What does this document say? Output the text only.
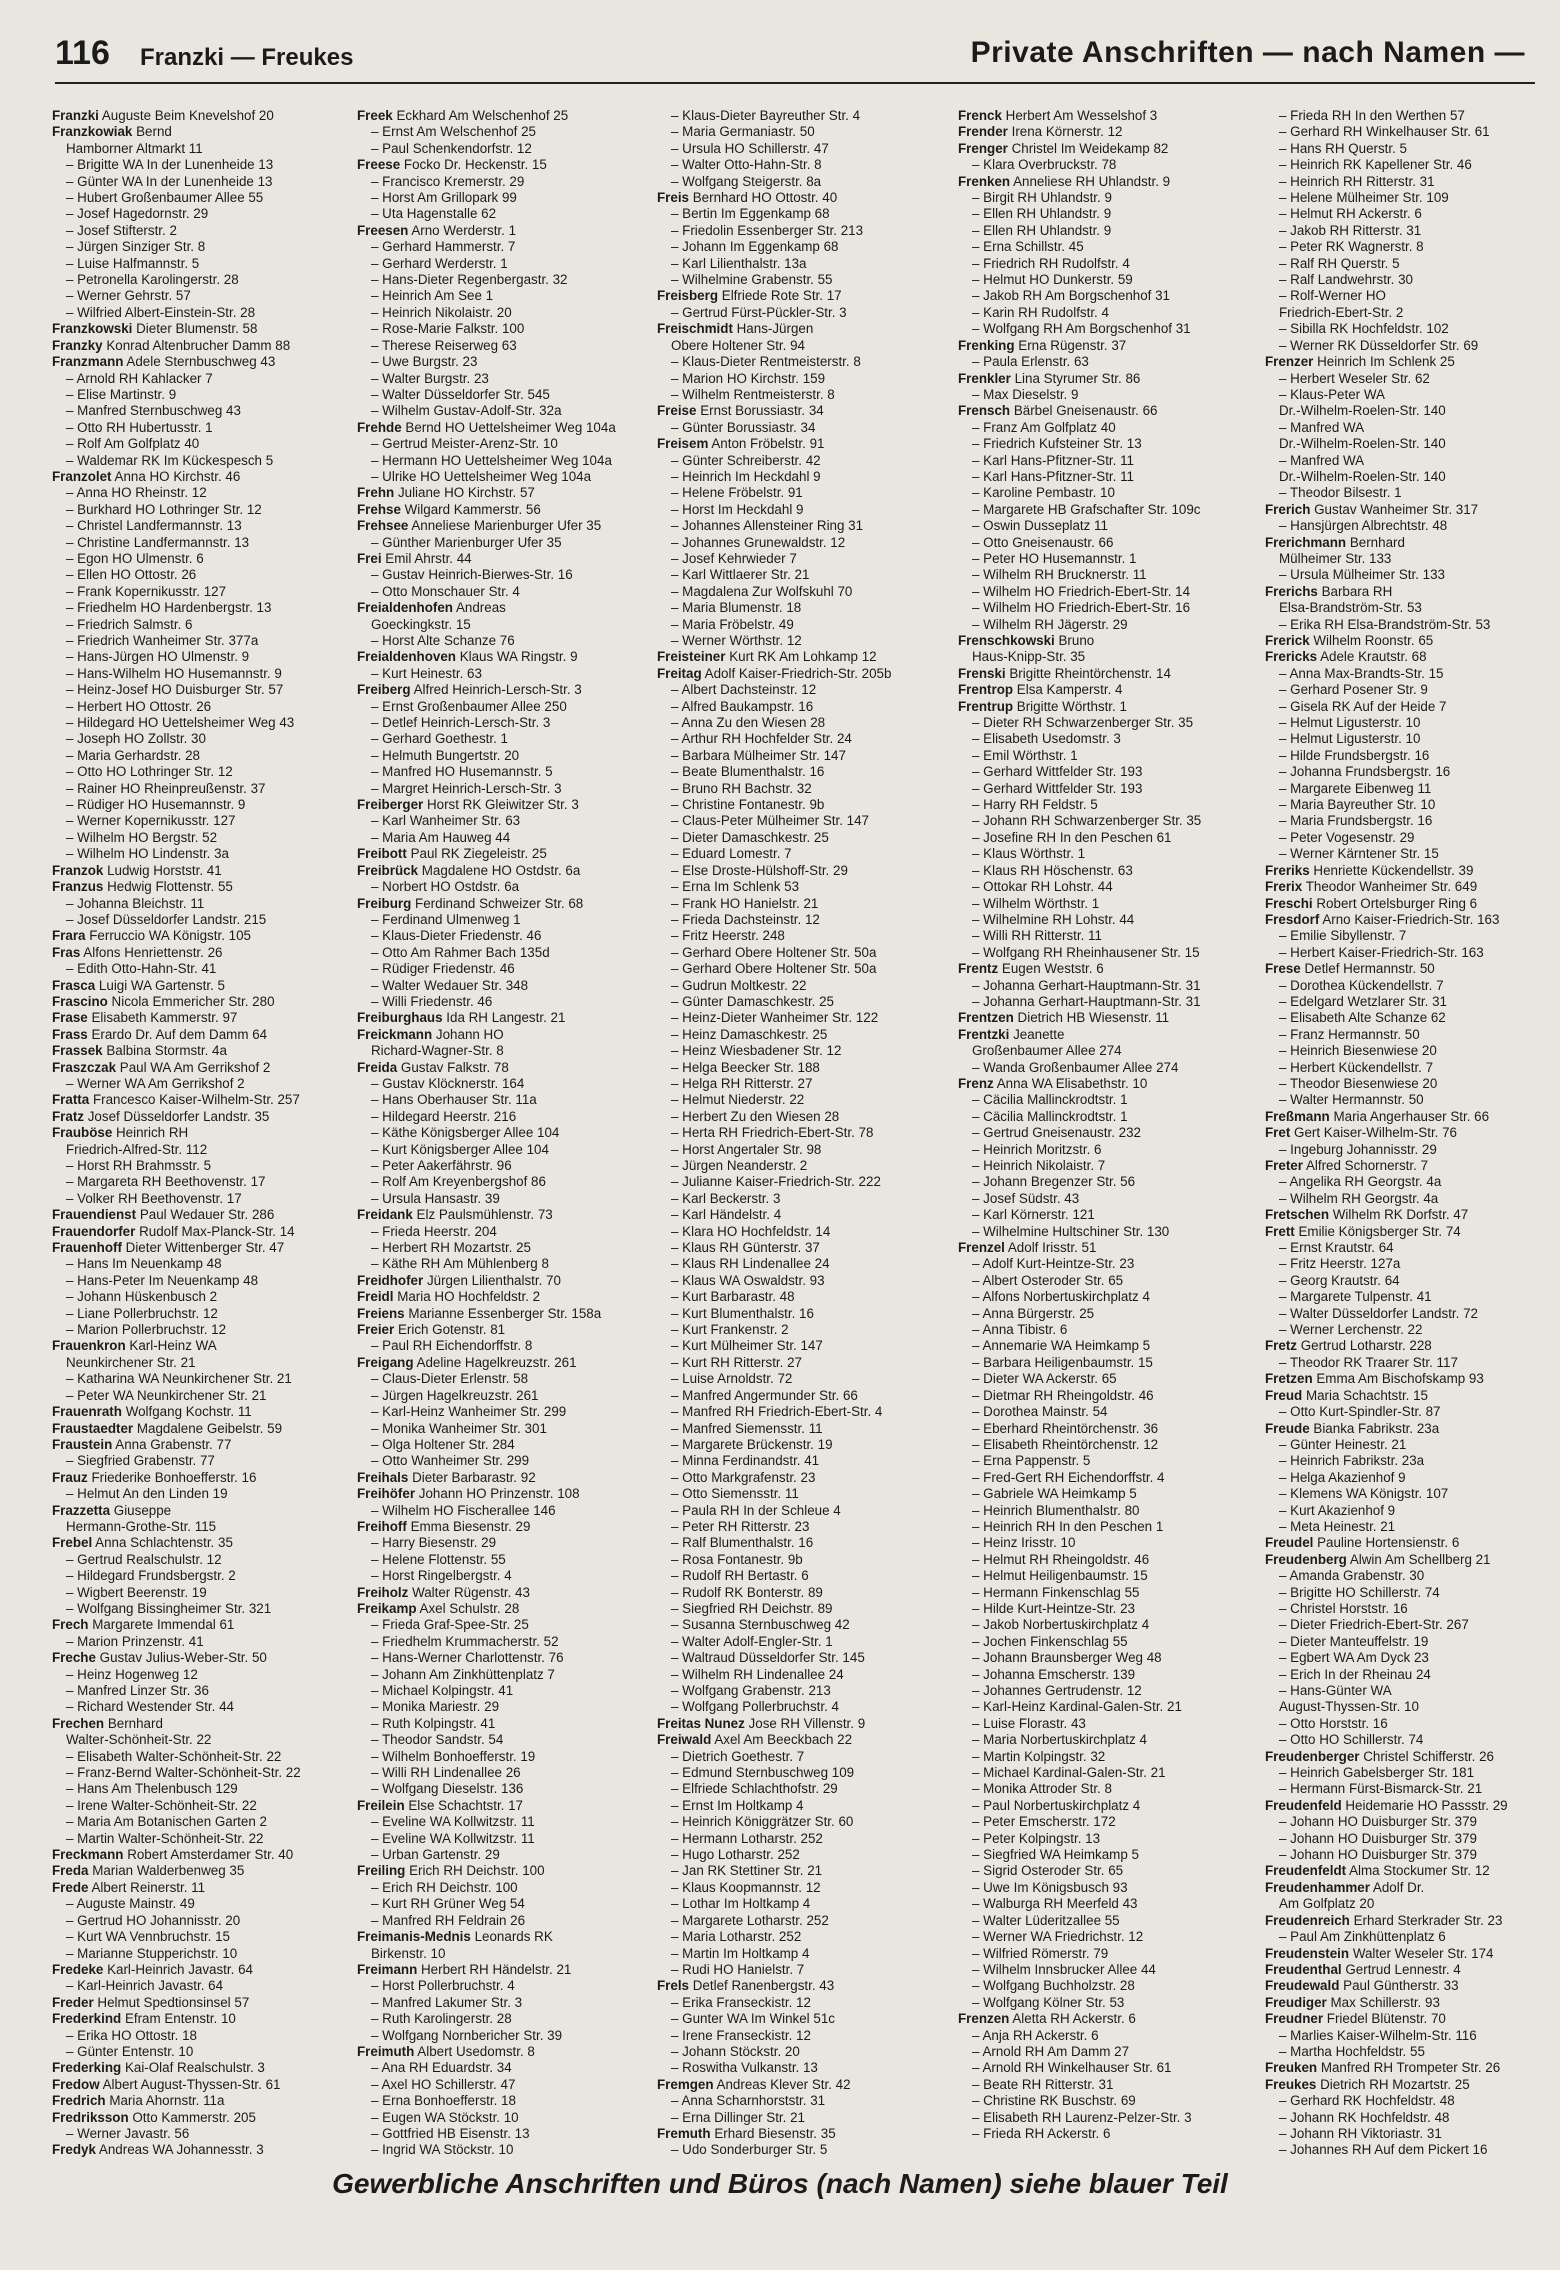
116 Franzki — Freukes	Private Anschriften — nach Namen —
Franzki Auguste Beim Knevelshof 20
Franzkowiak Bernd
Hamborner Altmarkt 11
– Brigitte WA In der Lunenheide 13
– Günter WA In der Lunenheide 13
– Hubert Großenbaumer Allee 55
– Josef Hagedornstr. 29
– Josef Stifterstr. 2
– Jürgen Sinziger Str. 8
– Luise Halfmannstr. 5
– Petronella Karolingerstr. 28
– Werner Gehrstr. 57
– Wilfried Albert-Einstein-Str. 28
Franzkowski Dieter Blumenstr. 58
Franzky Konrad Altenbrucher Damm 88
Franzmann Adele Sternbuschweg 43
– Arnold RH Kahlacker 7
– Elise Martinstr. 9
– Manfred Sternbuschweg 43
– Otto RH Hubertusstr. 1
– Rolf Am Golfplatz 40
– Waldemar RK Im Kückespesch 5
Franzolet Anna HO Kirchstr. 46
– Anna HO Rheinstr. 12
– Burkhard HO Lothringer Str. 12
– Christel Landfermannstr. 13
– Christine Landfermannstr. 13
– Egon HO Ulmenstr. 6
– Ellen HO Ottostr. 26
– Frank Kopernikusstr. 127
– Friedhelm HO Hardenbergstr. 13
– Friedrich Salmstr. 6
– Friedrich Wanheimer Str. 377a
– Hans-Jürgen HO Ulmenstr. 9
– Hans-Wilhelm HO Husemannstr. 9
– Heinz-Josef HO Duisburger Str. 57
– Herbert HO Ottostr. 26
– Hildegard HO Uettelsheimer Weg 43
– Joseph HO Zollstr. 30
– Maria Gerhardstr. 28
– Otto HO Lothringer Str. 12
– Rainer HO Rheinpreußenstr. 37
– Rüdiger HO Husemannstr. 9
– Werner Kopernikusstr. 127
– Wilhelm HO Bergstr. 52
– Wilhelm HO Lindenstr. 3a
Franzok Ludwig Horststr. 41
Franzus Hedwig Flottenstr. 55
– Johanna Bleichstr. 11
– Josef Düsseldorfer Landstr. 215
Frara Ferruccio WA Königstr. 105
Fras Alfons Henriettenstr. 26
– Edith Otto-Hahn-Str. 41
Frasca Luigi WA Gartenstr. 5
Frascino Nicola Emmericher Str. 280
Frase Elisabeth Kammerstr. 97
Frass Erardo Dr. Auf dem Damm 64
Frassek Balbina Stormstr. 4a
Fraszczak Paul WA Am Gerrikshof 2
– Werner WA Am Gerrikshof 2
Fratta Francesco Kaiser-Wilhelm-Str. 257
Fratz Josef Düsseldorfer Landstr. 35
Frauböse Heinrich RH
Friedrich-Alfred-Str. 112
– Horst RH Brahmsstr. 5
– Margareta RH Beethovenstr. 17
– Volker RH Beethovenstr. 17
Frauendienst Paul Wedauer Str. 286
Frauendorfer Rudolf Max-Planck-Str. 14
Frauenhoff Dieter Wittenberger Str. 47
– Hans Im Neuenkamp 48
– Hans-Peter Im Neuenkamp 48
– Johann Hüskenbusch 2
– Liane Pollerbruchstr. 12
– Marion Pollerbruchstr. 12
Frauenkron Karl-Heinz WA
Neunkirchener Str. 21
– Katharina WA Neunkirchener Str. 21
– Peter WA Neunkirchener Str. 21
Frauenrath Wolfgang Kochstr. 11
Fraustaedter Magdalene Geibelstr. 59
Fraustein Anna Grabenstr. 77
– Siegfried Grabenstr. 77
Frauz Friederike Bonhoefferstr. 16
– Helmut An den Linden 19
Frazzetta Giuseppe
Hermann-Grothe-Str. 115
Frebel Anna Schlachtenstr. 35
– Gertrud Realschulstr. 12
– Hildegard Frundsbergstr. 2
– Wigbert Beerenstr. 19
– Wolfgang Bissingheimer Str. 321
Frech Margarete Immendal 61
– Marion Prinzenstr. 41
Freche Gustav Julius-Weber-Str. 50
– Heinz Hogenweg 12
– Manfred Linzer Str. 36
– Richard Westender Str. 44
Frechen Bernhard
Walter-Schönheit-Str. 22
– Elisabeth Walter-Schönheit-Str. 22
– Franz-Bernd Walter-Schönheit-Str. 22
– Hans Am Thelenbusch 129
– Irene Walter-Schönheit-Str. 22
– Maria Am Botanischen Garten 2
– Martin Walter-Schönheit-Str. 22
Freckmann Robert Amsterdamer Str. 40
Freda Marian Walderbenweg 35
Frede Albert Reinerstr. 11
– Auguste Mainstr. 49
– Gertrud HO Johannisstr. 20
– Kurt WA Vennbruchstr. 15
– Marianne Stupperichstr. 10
Fredeke Karl-Heinrich Javastr. 64
– Karl-Heinrich Javastr. 64
Freder Helmut Spedtionsinsel 57
Frederkind Efram Entenstr. 10
– Erika HO Ottostr. 18
– Günter Entenstr. 10
Frederking Kai-Olaf Realschulstr. 3
Fredow Albert August-Thyssen-Str. 61
Fredrich Maria Ahornstr. 11a
Fredriksson Otto Kammerstr. 205
– Werner Javastr. 56
Fredyk Andreas WA Johannesstr. 3
Freek Eckhard Am Welschenhof 25
– Ernst Am Welschenhof 25
– Paul Schenkendorfstr. 12
Freese Focko Dr. Heckenstr. 15
– Francisco Kremerstr. 29
– Horst Am Grillopark 99
– Uta Hagenstalle 62
Freesen Arno Werderstr. 1
– Gerhard Hammerstr. 7
– Gerhard Werderstr. 1
– Hans-Dieter Regenbergastr. 32
– Heinrich Am See 1
– Heinrich Nikolaistr. 20
– Rose-Marie Falkstr. 100
– Therese Reiserweg 63
– Uwe Burgstr. 23
– Walter Burgstr. 23
– Walter Düsseldorfer Str. 545
– Wilhelm Gustav-Adolf-Str. 32a
Frehde Bernd HO Uettelsheimer Weg 104a
– Gertrud Meister-Arenz-Str. 10
– Hermann HO Uettelsheimer Weg 104a
– Ulrike HO Uettelsheimer Weg 104a
Frehn Juliane HO Kirchstr. 57
Frehse Wilgard Kammerstr. 56
Frehsee Anneliese Marienburger Ufer 35
– Günther Marienburger Ufer 35
Frei Emil Ahrstr. 44
– Gustav Heinrich-Bierwes-Str. 16
– Otto Monschauer Str. 4
Freialdenhofen Andreas
Goeckingkstr. 15
– Horst Alte Schanze 76
Freialdenhoven Klaus WA Ringstr. 9
– Kurt Heinestr. 63
Freiberg Alfred Heinrich-Lersch-Str. 3
– Ernst Großenbaumer Allee 250
– Detlef Heinrich-Lersch-Str. 3
– Gerhard Goethestr. 1
– Helmuth Bungertstr. 20
– Manfred HO Husemannstr. 5
– Margret Heinrich-Lersch-Str. 3
Freiberger Horst RK Gleiwitzer Str. 3
– Karl Wanheimer Str. 63
– Maria Am Hauweg 44
Freibott Paul RK Ziegeleistr. 25
Freibrück Magdalene HO Ostdstr. 6a
– Norbert HO Ostdstr. 6a
Freiburg Ferdinand Schweizer Str. 68
– Ferdinand Ulmenweg 1
– Klaus-Dieter Friedenstr. 46
– Otto Am Rahmer Bach 135d
– Rüdiger Friedenstr. 46
– Walter Wedauer Str. 348
– Willi Friedenstr. 46
Freiburghaus Ida RH Langestr. 21
Freickmann Johann HO
Richard-Wagner-Str. 8
Freida Gustav Falkstr. 78
– Gustav Klöcknerstr. 164
– Hans Oberhauser Str. 11a
– Hildegard Heerstr. 216
– Käthe Königsberger Allee 104
– Kurt Königsberger Allee 104
– Peter Aakerfährstr. 96
– Rolf Am Kreyenbergshof 86
– Ursula Hansastr. 39
Freidank Elz Paulsmühlenstr. 73
– Frieda Heerstr. 204
– Herbert RH Mozartstr. 25
– Käthe RH Am Mühlenberg 8
Freidhofer Jürgen Lilienthalstr. 70
Freidl Maria HO Hochfeldstr. 2
Freiens Marianne Essenberger Str. 158a
Freier Erich Gotenstr. 81
– Paul RH Eichendorffstr. 8
Freigang Adeline Hagelkreuzstr. 261
– Claus-Dieter Erlenstr. 58
– Jürgen Hagelkreuzstr. 261
– Karl-Heinz Wanheimer Str. 299
– Monika Wanheimer Str. 301
– Olga Holtener Str. 284
– Otto Wanheimer Str. 299
Freihals Dieter Barbarastr. 92
Freihöfer Johann HO Prinzenstr. 108
– Wilhelm HO Fischerallee 146
Freihoff Emma Biesenstr. 29
– Harry Biesenstr. 29
– Helene Flottenstr. 55
– Horst Ringelbergstr. 4
Freiholz Walter Rügenstr. 43
Freikamp Axel Schulstr. 28
– Frieda Graf-Spee-Str. 25
– Friedhelm Krummacherstr. 52
– Hans-Werner Charlottenstr. 76
– Johann Am Zinkhüttenplatz 7
– Michael Kolpingstr. 41
– Monika Mariestr. 29
– Ruth Kolpingstr. 41
– Theodor Sandstr. 54
– Wilhelm Bonhoefferstr. 19
– Willi RH Lindenallee 26
– Wolfgang Dieselstr. 136
Freilein Else Schachtstr. 17
– Eveline WA Kollwitzstr. 11
– Eveline WA Kollwitzstr. 11
– Urban Gartenstr. 29
Freiling Erich RH Deichstr. 100
– Erich RH Deichstr. 100
– Kurt RH Grüner Weg 54
– Manfred RH Feldrain 26
Freimanis-Mednis Leonards RK
Birkenstr. 10
Freimann Herbert RH Händelstr. 21
– Horst Pollerbruchstr. 4
– Manfred Lakumer Str. 3
– Ruth Karolingerstr. 28
– Wolfgang Nornbericher Str. 39
Freimuth Albert Usedomstr. 8
– Ana RH Eduardstr. 34
– Axel HO Schillerstr. 47
– Erna Bonhoefferstr. 18
– Eugen WA Stöckstr. 10
– Gottfried HB Eisenstr. 13
– Ingrid WA Stöckstr. 10
– Klaus-Dieter Bayreuther Str. 4
– Maria Germaniastr. 50
– Ursula HO Schillerstr. 47
– Walter Otto-Hahn-Str. 8
– Wolfgang Steigerstr. 8a
Freis Bernhard HO Ottostr. 40
– Bertin Im Eggenkamp 68
– Friedolin Essenberger Str. 213
– Johann Im Eggenkamp 68
– Karl Lilienthalstr. 13a
– Wilhelmine Grabenstr. 55
Freisberg Elfriede Rote Str. 17
– Gertrud Fürst-Pückler-Str. 3
Freischmidt Hans-Jürgen
Obere Holtener Str. 94
– Klaus-Dieter Rentmeisterstr. 8
– Marion HO Kirchstr. 159
– Wilhelm Rentmeisterstr. 8
Freise Ernst Borussiastr. 34
– Günter Borussiastr. 34
Freisem Anton Fröbelstr. 91
– Günter Schreiberstr. 42
– Heinrich Im Heckdahl 9
– Helene Fröbelstr. 91
– Horst Im Heckdahl 9
– Johannes Allensteiner Ring 31
– Johannes Grunewaldstr. 12
– Josef Kehrwieder 7
– Karl Wittlaerer Str. 21
– Magdalena Zur Wolfskuhl 70
– Maria Blumenstr. 18
– Maria Fröbelstr. 49
– Werner Wörthstr. 12
Freisteiner Kurt RK Am Lohkamp 12
Freitag Adolf Kaiser-Friedrich-Str. 205b
– Albert Dachsteinstr. 12
– Alfred Baukampstr. 16
– Anna Zu den Wiesen 28
– Arthur RH Hochfelder Str. 24
– Barbara Mülheimer Str. 147
– Beate Blumenthalstr. 16
– Bruno RH Bachstr. 32
– Christine Fontanestr. 9b
– Claus-Peter Mülheimer Str. 147
– Dieter Damaschkestr. 25
– Eduard Lomestr. 7
– Else Droste-Hülshoff-Str. 29
– Erna Im Schlenk 53
– Frank HO Hanielstr. 21
– Frieda Dachsteinstr. 12
– Fritz Heerstr. 248
– Gerhard Obere Holtener Str. 50a
– Gerhard Obere Holtener Str. 50a
– Gudrun Moltkestr. 22
– Günter Damaschkestr. 25
– Heinz-Dieter Wanheimer Str. 122
– Heinz Damaschkestr. 25
– Heinz Wiesbadener Str. 12
– Helga Beecker Str. 188
– Helga RH Ritterstr. 27
– Helmut Niederstr. 22
– Herbert Zu den Wiesen 28
– Herta RH Friedrich-Ebert-Str. 78
– Horst Angertaler Str. 98
– Jürgen Neanderstr. 2
– Julianne Kaiser-Friedrich-Str. 222
– Karl Beckerstr. 3
– Karl Händelstr. 4
– Klara HO Hochfeldstr. 14
– Klaus RH Günterstr. 37
– Klaus RH Lindenallee 24
– Klaus WA Oswaldstr. 93
– Kurt Barbarastr. 48
– Kurt Blumenthalstr. 16
– Kurt Frankenstr. 2
– Kurt Mülheimer Str. 147
– Kurt RH Ritterstr. 27
– Luise Arnoldstr. 72
– Manfred Angermunder Str. 66
– Manfred RH Friedrich-Ebert-Str. 4
– Manfred Siemensstr. 11
– Margarete Brückenstr. 19
– Minna Ferdinandstr. 41
– Otto Markgrafenstr. 23
– Otto Siemensstr. 11
– Paula RH In der Schleue 4
– Peter RH Ritterstr. 23
– Ralf Blumenthalstr. 16
– Rosa Fontanestr. 9b
– Rudolf RH Bertastr. 6
– Rudolf RK Bonterstr. 89
– Siegfried RH Deichstr. 89
– Susanna Sternbuschweg 42
– Walter Adolf-Engler-Str. 1
– Waltraud Düsseldorfer Str. 145
– Wilhelm RH Lindenallee 24
– Wolfgang Grabenstr. 213
– Wolfgang Pollerbruchstr. 4
Freitas Nunez Jose RH Villenstr. 9
Freiwald Axel Am Beeckbach 22
– Dietrich Goethestr. 7
– Edmund Sternbuschweg 109
– Elfriede Schlachthofstr. 29
– Ernst Im Holtkamp 4
– Heinrich Königgrätzer Str. 60
– Hermann Lotharstr. 252
– Hugo Lotharstr. 252
– Jan RK Stettiner Str. 21
– Klaus Koopmannstr. 12
– Lothar Im Holtkamp 4
– Margarete Lotharstr. 252
– Maria Lotharstr. 252
– Martin Im Holtkamp 4
– Rudi HO Hanielstr. 7
Frels Detlef Ranenbergstr. 43
– Erika Franseckistr. 12
– Gunter WA Im Winkel 51c
– Irene Franseckistr. 12
– Johann Stöckstr. 20
– Roswitha Vulkanstr. 13
Fremgen Andreas Klever Str. 42
– Anna Scharnhorststr. 31
– Erna Dillinger Str. 21
Fremuth Erhard Biesenstr. 35
– Udo Sonderburger Str. 5
Frenck Herbert Am Wesselshof 3
Frender Irena Körnerstr. 12
Frenger Christel Im Weidekamp 82
– Klara Overbruckstr. 78
Frenken Anneliese RH Uhlandstr. 9
– Birgit RH Uhlandstr. 9
– Ellen RH Uhlandstr. 9
– Ellen RH Uhlandstr. 9
– Erna Schillstr. 45
– Friedrich RH Rudolfstr. 4
– Helmut HO Dunkerstr. 59
– Jakob RH Am Borgschenhof 31
– Karin RH Rudolfstr. 4
– Wolfgang RH Am Borgschenhof 31
Frenking Erna Rügenstr. 37
– Paula Erlenstr. 63
Frenkler Lina Styrumer Str. 86
– Max Dieselstr. 9
Frensch Bärbel Gneisenaustr. 66
– Franz Am Golfplatz 40
– Friedrich Kufsteiner Str. 13
– Karl Hans-Pfitzner-Str. 11
– Karl Hans-Pfitzner-Str. 11
– Karoline Pembastr. 10
– Margarete HB Grafschafter Str. 109c
– Oswin Dusseplatz 11
– Otto Gneisenaustr. 66
– Peter HO Husemannstr. 1
– Wilhelm RH Brucknerstr. 11
– Wilhelm HO Friedrich-Ebert-Str. 14
– Wilhelm HO Friedrich-Ebert-Str. 16
– Wilhelm RH Jägerstr. 29
Frenschkowski Bruno
Haus-Knipp-Str. 35
Frenski Brigitte Rheintörchenstr. 14
Frentrop Elsa Kamperstr. 4
Frentrup Brigitte Wörthstr. 1
– Dieter RH Schwarzenberger Str. 35
– Elisabeth Usedomstr. 3
– Emil Wörthstr. 1
– Gerhard Wittfelder Str. 193
– Gerhard Wittfelder Str. 193
– Harry RH Feldstr. 5
– Johann RH Schwarzenberger Str. 35
– Josefine RH In den Peschen 61
– Klaus Wörthstr. 1
– Klaus RH Höschenstr. 63
– Ottokar RH Lohstr. 44
– Wilhelm Wörthstr. 1
– Wilhelmine RH Lohstr. 44
– Willi RH Ritterstr. 11
– Wolfgang RH Rheinhausener Str. 15
Frentz Eugen Weststr. 6
– Johanna Gerhart-Hauptmann-Str. 31
– Johanna Gerhart-Hauptmann-Str. 31
Frentzen Dietrich HB Wiesenstr. 11
Frentzki Jeanette
Großenbaumer Allee 274
– Wanda Großenbaumer Allee 274
Frenz Anna WA Elisabethstr. 10
– Cäcilia Mallinckrodtstr. 1
– Cäcilia Mallinckrodtstr. 1
– Gertrud Gneisenaustr. 232
– Heinrich Moritzstr. 6
– Heinrich Nikolaistr. 7
– Johann Bregenzer Str. 56
– Josef Südstr. 43
– Karl Körnerstr. 121
– Wilhelmine Hultschiner Str. 130
Frenzel Adolf Irisstr. 51
– Adolf Kurt-Heintze-Str. 23
– Albert Osteroder Str. 65
– Alfons Norbertuskirchplatz 4
– Anna Bürgerstr. 25
– Anna Tibistr. 6
– Annemarie WA Heimkamp 5
– Barbara Heiligenbaumstr. 15
– Dieter WA Ackerstr. 65
– Dietmar RH Rheingoldstr. 46
– Dorothea Mainstr. 54
– Eberhard Rheintörchenstr. 36
– Elisabeth Rheintörchenstr. 12
– Erna Pappenstr. 5
– Fred-Gert RH Eichendorffstr. 4
– Gabriele WA Heimkamp 5
– Heinrich Blumenthalstr. 80
– Heinrich RH In den Peschen 1
– Heinz Irisstr. 10
– Helmut RH Rheingoldstr. 46
– Helmut Heiligenbaumstr. 15
– Hermann Finkenschlag 55
– Hilde Kurt-Heintze-Str. 23
– Jakob Norbertuskirchplatz 4
– Jochen Finkenschlag 55
– Johann Braunsberger Weg 48
– Johanna Emscherstr. 139
– Johannes Gertrudenstr. 12
– Karl-Heinz Kardinal-Galen-Str. 21
– Luise Florastr. 43
– Maria Norbertuskirchplatz 4
– Martin Kolpingstr. 32
– Michael Kardinal-Galen-Str. 21
– Monika Attroder Str. 8
– Paul Norbertuskirchplatz 4
– Peter Emscherstr. 172
– Peter Kolpingstr. 13
– Siegfried WA Heimkamp 5
– Sigrid Osteroder Str. 65
– Uwe Im Königsbusch 93
– Walburga RH Meerfeld 43
– Walter Lüderitzallee 55
– Werner WA Friedrichstr. 12
– Wilfried Römerstr. 79
– Wilhelm Innsbrucker Allee 44
– Wolfgang Buchholzstr. 28
– Wolfgang Kölner Str. 53
Frenzen Aletta RH Ackerstr. 6
– Anja RH Ackerstr. 6
– Arnold RH Am Damm 27
– Arnold RH Winkelhauser Str. 61
– Beate RH Ritterstr. 31
– Christine RK Buschstr. 69
– Elisabeth RH Laurenz-Pelzer-Str. 3
– Frieda RH Ackerstr. 6
– Frieda RH In den Werthen 57
– Gerhard RH Winkelhauser Str. 61
– Hans RH Querstr. 5
– Heinrich RK Kapellener Str. 46
– Heinrich RH Ritterstr. 31
– Helene Mülheimer Str. 109
– Helmut RH Ackerstr. 6
– Jakob RH Ritterstr. 31
– Peter RK Wagnerstr. 8
– Ralf RH Querstr. 5
– Ralf Landwehrstr. 30
– Rolf-Werner HO
Friedrich-Ebert-Str. 2
– Sibilla RK Hochfeldstr. 102
– Werner RK Düsseldorfer Str. 69
Frenzer Heinrich Im Schlenk 25
– Herbert Weseler Str. 62
– Klaus-Peter WA
Dr.-Wilhelm-Roelen-Str. 140
– Manfred WA
Dr.-Wilhelm-Roelen-Str. 140
– Manfred WA
Dr.-Wilhelm-Roelen-Str. 140
– Theodor Bilsestr. 1
Frerich Gustav Wanheimer Str. 317
– Hansjürgen Albrechtstr. 48
Frerichmann Bernhard
Mülheimer Str. 133
– Ursula Mülheimer Str. 133
Frerichs Barbara RH
Elsa-Brandström-Str. 53
– Erika RH Elsa-Brandström-Str. 53
Frerick Wilhelm Roonstr. 65
Frericks Adele Krautstr. 68
– Anna Max-Brandts-Str. 15
– Gerhard Posener Str. 9
– Gisela RK Auf der Heide 7
– Helmut Ligusterstr. 10
– Helmut Ligusterstr. 10
– Hilde Frundsbergstr. 16
– Johanna Frundsbergstr. 16
– Margarete Eibenweg 11
– Maria Bayreuther Str. 10
– Maria Frundsbergstr. 16
– Peter Vogesenstr. 29
– Werner Kärntener Str. 15
Freriks Henriette Kückendellstr. 39
Frerix Theodor Wanheimer Str. 649
Freschi Robert Ortelsburger Ring 6
Fresdorf Arno Kaiser-Friedrich-Str. 163
– Emilie Sibyllenstr. 7
– Herbert Kaiser-Friedrich-Str. 163
Frese Detlef Hermannstr. 50
– Dorothea Kückendellstr. 7
– Edelgard Wetzlarer Str. 31
– Elisabeth Alte Schanze 62
– Franz Hermannstr. 50
– Heinrich Biesenwiese 20
– Herbert Kückendellstr. 7
– Theodor Biesenwiese 20
– Walter Hermannstr. 50
Freßmann Maria Angerhauser Str. 66
Fret Gert Kaiser-Wilhelm-Str. 76
– Ingeburg Johannisstr. 29
Freter Alfred Schornerstr. 7
– Angelika RH Georgstr. 4a
– Wilhelm RH Georgstr. 4a
Fretschen Wilhelm RK Dorfstr. 47
Frett Emilie Königsberger Str. 74
– Ernst Krautstr. 64
– Fritz Heerstr. 127a
– Georg Krautstr. 64
– Margarete Tulpenstr. 41
– Walter Düsseldorfer Landstr. 72
– Werner Lerchenstr. 22
Fretz Gertrud Lotharstr. 228
– Theodor RK Traarer Str. 117
Fretzen Emma Am Bischofskamp 93
Freud Maria Schachtstr. 15
– Otto Kurt-Spindler-Str. 87
Freude Bianka Fabrikstr. 23a
– Günter Heinestr. 21
– Heinrich Fabrikstr. 23a
– Helga Akazienhof 9
– Klemens WA Königstr. 107
– Kurt Akazienhof 9
– Meta Heinestr. 21
Freudel Pauline Hortensienstr. 6
Freudenberg Alwin Am Schellberg 21
– Amanda Grabenstr. 30
– Brigitte HO Schillerstr. 74
– Christel Horststr. 16
– Dieter Friedrich-Ebert-Str. 267
– Dieter Manteuffelstr. 19
– Egbert WA Am Dyck 23
– Erich In der Rheinau 24
– Hans-Günter WA
August-Thyssen-Str. 10
– Otto Horststr. 16
– Otto HO Schillerstr. 74
Freudenberger Christel Schifferstr. 26
– Heinrich Gabelsberger Str. 181
– Hermann Fürst-Bismarck-Str. 21
Freudenfeld Heidemarie HO Passstr. 29
– Johann HO Duisburger Str. 379
– Johann HO Duisburger Str. 379
– Johann HO Duisburger Str. 379
Freudenfeldt Alma Stockumer Str. 12
Freudenhammer Adolf Dr.
Am Golfplatz 20
Freudenreich Erhard Sterkrader Str. 23
– Paul Am Zinkhüttenplatz 6
Freudenstein Walter Weseler Str. 174
Freudenthal Gertrud Lennestr. 4
Freudewald Paul Güntherstr. 33
Freudiger Max Schillerstr. 93
Freudner Friedel Blütenstr. 70
– Marlies Kaiser-Wilhelm-Str. 116
– Martha Hochfeldstr. 55
Freuken Manfred RH Trompeter Str. 26
Freukes Dietrich RH Mozartstr. 25
– Gerhard RK Hochfeldstr. 48
– Johann RK Hochfeldstr. 48
– Johann RH Viktoriastr. 31
– Johannes RH Auf dem Pickert 16
Gewerbliche Anschriften und Büros (nach Namen) siehe blauer Teil
